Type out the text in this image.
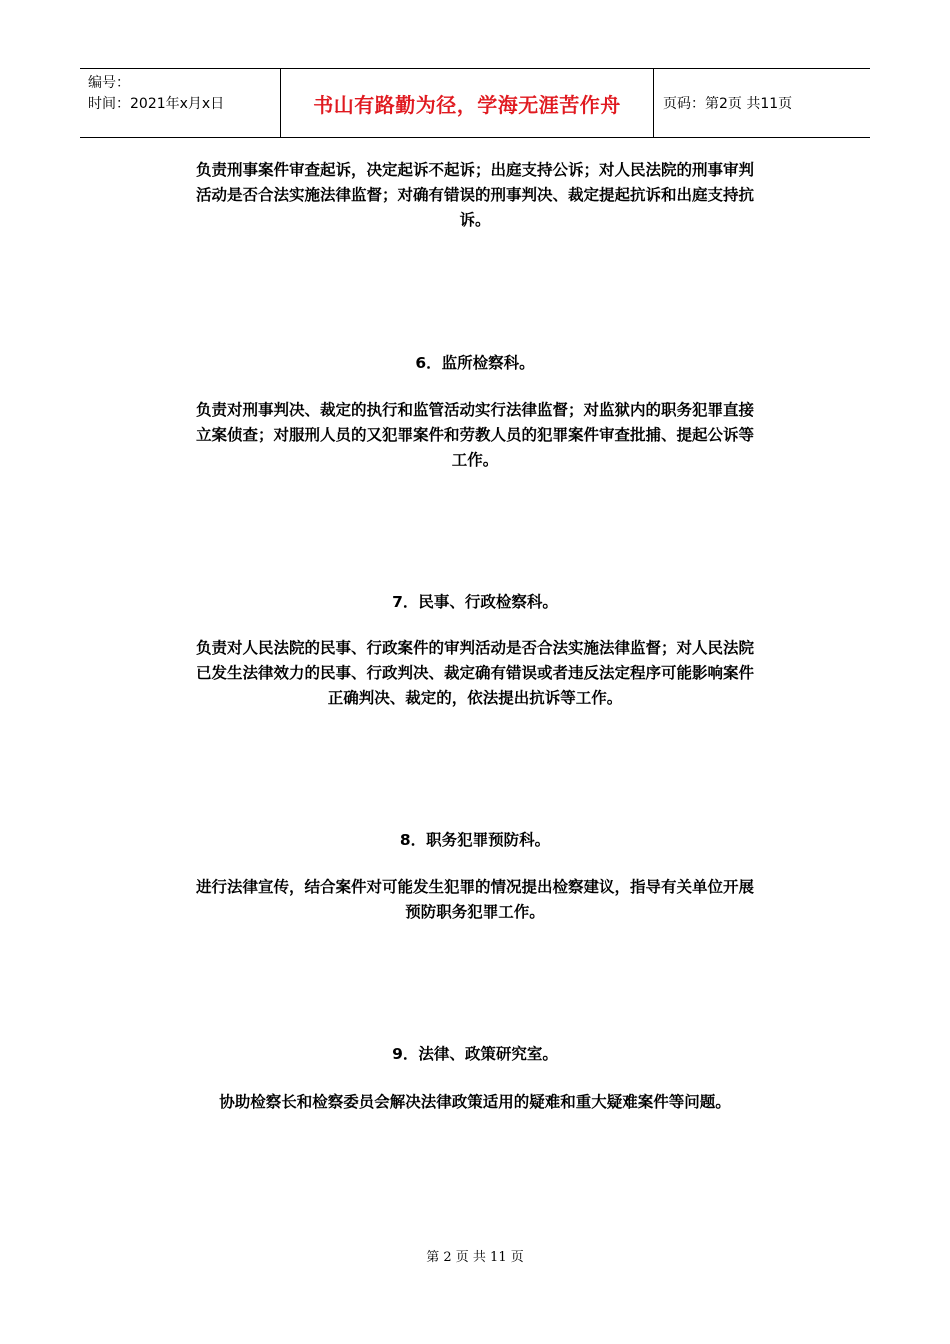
编号：
时间：2021年x月x日	书山有路勤为径，学海无涯苦作舟	页码：第2页 共11页
负责刑事案件审查起诉，决定起诉不起诉；出庭支持公诉；对人民法院的刑事审判
活动是否合法实施法律监督；对确有错误的刑事判决、裁定提起抗诉和出庭支持抗
诉。
6．监所检察科。
负责对刑事判决、裁定的执行和监管活动实行法律监督；对监狱内的职务犯罪直接
立案侦查；对服刑人员的又犯罪案件和劳教人员的犯罪案件审查批捕、提起公诉等
工作。
7．民事、行政检察科。
负责对人民法院的民事、行政案件的审判活动是否合法实施法律监督；对人民法院
已发生法律效力的民事、行政判决、裁定确有错误或者违反法定程序可能影响案件
正确判决、裁定的，依法提出抗诉等工作。
8．职务犯罪预防科。
进行法律宣传，结合案件对可能发生犯罪的情况提出检察建议，指导有关单位开展
预防职务犯罪工作。
9．法律、政策研究室。
协助检察长和检察委员会解决法律政策适用的疑难和重大疑难案件等问题。
第 2 页 共 11 页
